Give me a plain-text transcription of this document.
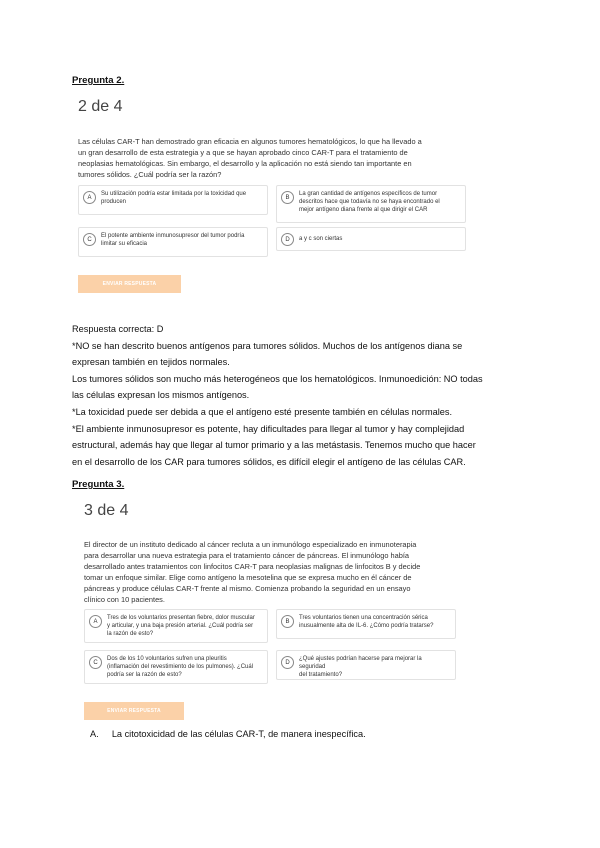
Pregunta 2.
2 de 4
Las células CAR-T han demostrado gran eficacia en algunos tumores hematológicos, lo que ha llevado a
un gran desarrollo de esta estrategia y a que se hayan aprobado cinco CAR-T para el tratamiento de
neoplasias hematológicas. Sin embargo, el desarrollo y la aplicación no está siendo tan importante en
tumores sólidos. ¿Cuál podría ser la razón?
A
Su utilización podría estar limitada por la toxicidad que
producen
B
La gran cantidad de antígenos específicos de tumor
descritos hace que todavía no se haya encontrado el
mejor antígeno diana frente al que dirigir el CAR
C
El potente ambiente inmunosupresor del tumor podría
limitar su eficacia
D	a y c son ciertas
ENVIAR RESPUESTA
Respuesta correcta: D
*NO se han descrito buenos antígenos para tumores sólidos. Muchos de los antígenos diana se
expresan también en tejidos normales.
Los tumores sólidos son mucho más heterogéneos que los hematológicos. Inmunoedición: NO todas
las células expresan los mismos antígenos.
*La toxicidad puede ser debida a que el antígeno esté presente también en células normales.
*El ambiente inmunosupresor es potente, hay dificultades para llegar al tumor y hay complejidad
estructural, además hay que llegar al tumor primario y a las metástasis. Tenemos mucho que hacer
en el desarrollo de los CAR para tumores sólidos, es difícil elegir el antígeno de las células CAR.
Pregunta 3.
3 de 4
El director de un instituto dedicado al cáncer recluta a un inmunólogo especializado en inmunoterapia
para desarrollar una nueva estrategia para el tratamiento cáncer de páncreas. El inmunólogo había
desarrollado antes tratamientos con linfocitos CAR-T para neoplasias malignas de linfocitos B y decide
tomar un enfoque similar. Elige como antígeno la mesotelina que se expresa mucho en él cáncer de
páncreas y produce células CAR-T frente al mismo. Comienza probando la seguridad en un ensayo
clínico con 10 pacientes.
A
Tres de los voluntarios presentan fiebre, dolor muscular
y articular, y una baja presión arterial. ¿Cuál podría ser
la razón de esto?
B
Tres voluntarios tienen una concentración sérica
inusualmente alta de IL-6. ¿Cómo podría tratarse?
C
Dos de los 10 voluntarios sufren una pleuritis
(inflamación del revestimiento de los pulmones). ¿Cuál
podría ser la razón de esto?
D
¿Qué ajustes podrían hacerse para mejorar la seguridad
del tratamiento?
ENVIAR RESPUESTA
A. La citotoxicidad de las células CAR-T, de manera inespecífica.
